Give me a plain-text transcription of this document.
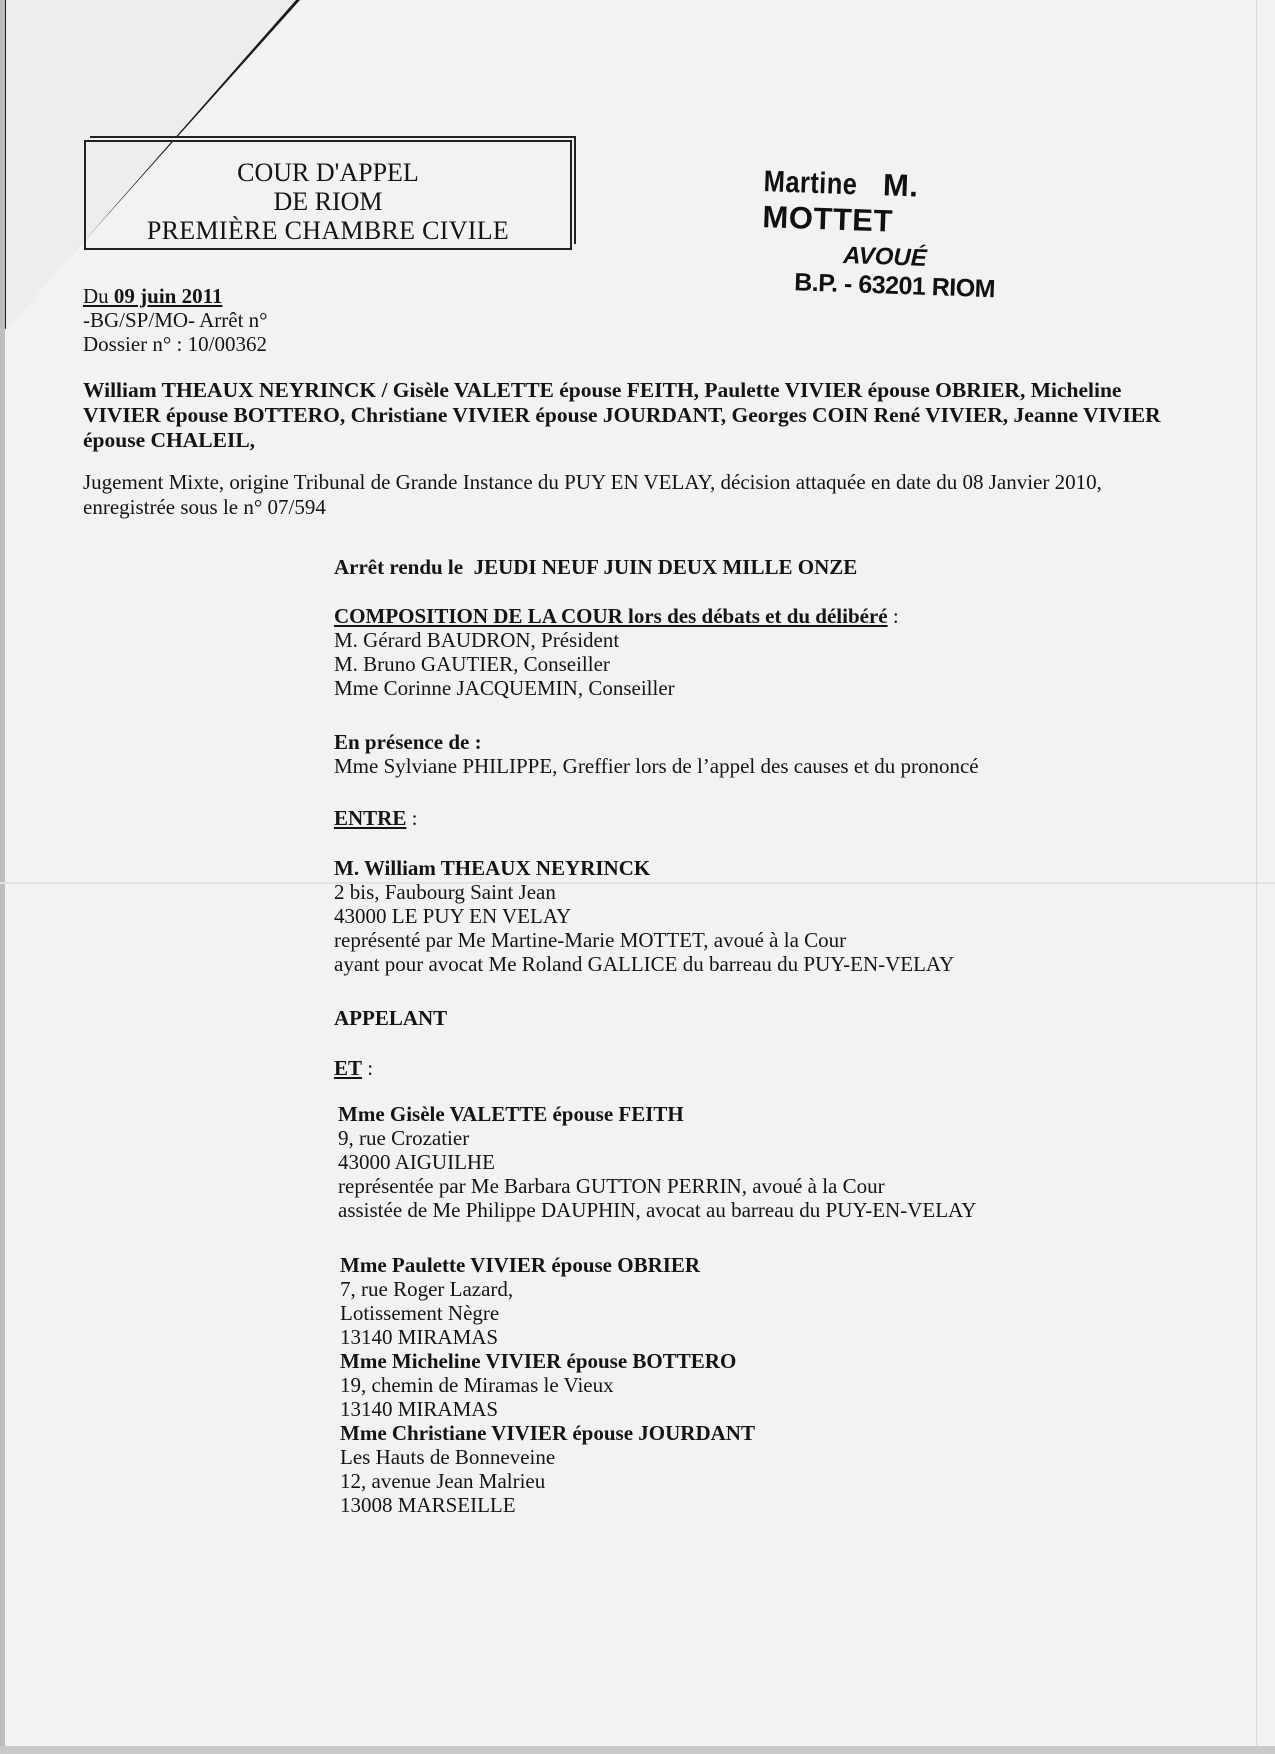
COUR D'APPEL
DE RIOM
PREMIÈRE CHAMBRE CIVILE
Martine M. MOTTET
AVOUÉ
B.P. - 63201 RIOM
Du 09 juin 2011
-BG/SP/MO- Arrêt n°
Dossier n° : 10/00362
William THEAUX NEYRINCK / Gisèle VALETTE épouse FEITH, Paulette VIVIER épouse OBRIER, Micheline VIVIER épouse BOTTERO, Christiane VIVIER épouse JOURDANT, Georges COIN René VIVIER, Jeanne VIVIER épouse CHALEIL,
Jugement Mixte, origine Tribunal de Grande Instance du PUY EN VELAY, décision attaquée en date du 08 Janvier 2010, enregistrée sous le n° 07/594
Arrêt rendu le JEUDI NEUF JUIN DEUX MILLE ONZE
COMPOSITION DE LA COUR lors des débats et du délibéré :
M. Gérard BAUDRON, Président
M. Bruno GAUTIER, Conseiller
Mme Corinne JACQUEMIN, Conseiller
En présence de :
Mme Sylviane PHILIPPE, Greffier lors de l’appel des causes et du prononcé
ENTRE :
M. William THEAUX NEYRINCK
2 bis, Faubourg Saint Jean
43000 LE PUY EN VELAY
représenté par Me Martine-Marie MOTTET, avoué à la Cour
ayant pour avocat Me Roland GALLICE du barreau du PUY-EN-VELAY
APPELANT
ET :
Mme Gisèle VALETTE épouse FEITH
9, rue Crozatier
43000 AIGUILHE
représentée par Me Barbara GUTTON PERRIN, avoué à la Cour
assistée de Me Philippe DAUPHIN, avocat au barreau du PUY-EN-VELAY
Mme Paulette VIVIER épouse OBRIER
7, rue Roger Lazard,
Lotissement Nègre
13140 MIRAMAS
Mme Micheline VIVIER épouse BOTTERO
19, chemin de Miramas le Vieux
13140 MIRAMAS
Mme Christiane VIVIER épouse JOURDANT
Les Hauts de Bonneveine
12, avenue Jean Malrieu
13008 MARSEILLE
